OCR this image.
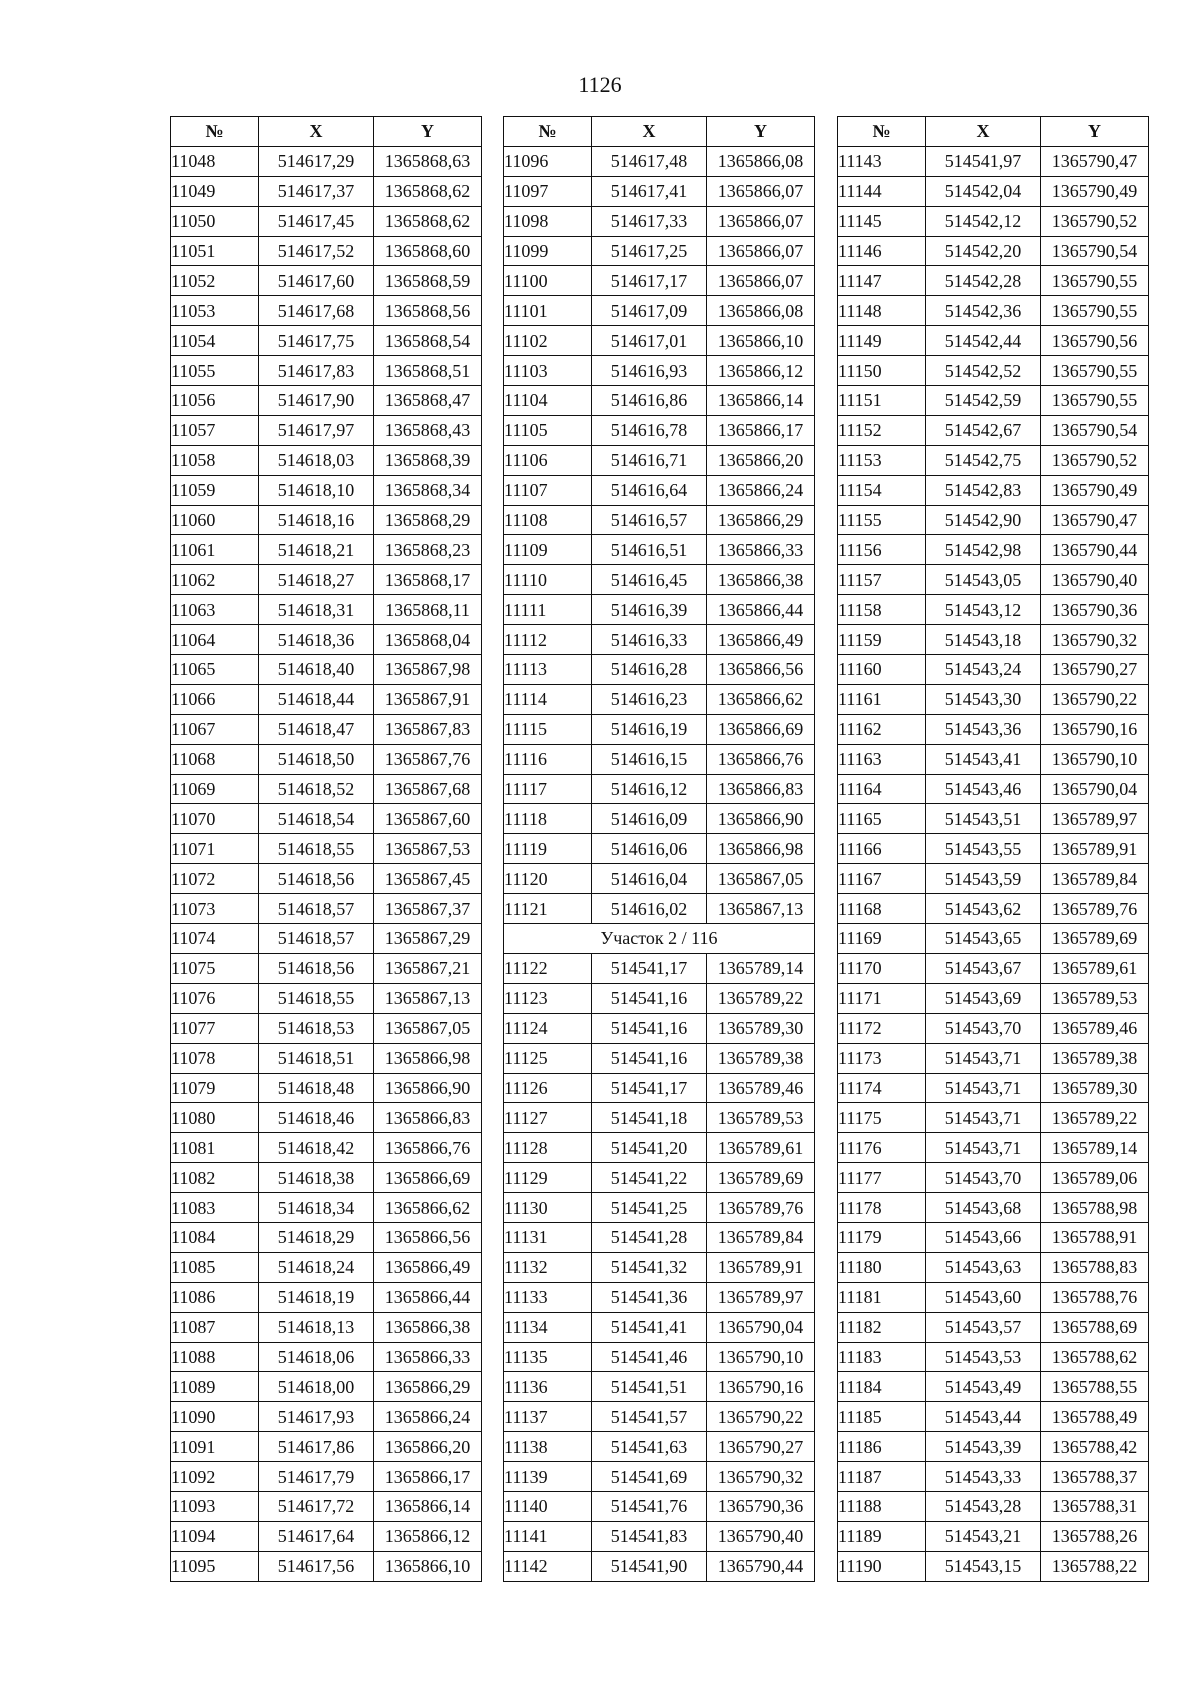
1126
№	X	Y
11048	514617,29	1365868,63
11049	514617,37	1365868,62
11050	514617,45	1365868,62
11051	514617,52	1365868,60
11052	514617,60	1365868,59
11053	514617,68	1365868,56
11054	514617,75	1365868,54
11055	514617,83	1365868,51
11056	514617,90	1365868,47
11057	514617,97	1365868,43
11058	514618,03	1365868,39
11059	514618,10	1365868,34
11060	514618,16	1365868,29
11061	514618,21	1365868,23
11062	514618,27	1365868,17
11063	514618,31	1365868,11
11064	514618,36	1365868,04
11065	514618,40	1365867,98
11066	514618,44	1365867,91
11067	514618,47	1365867,83
11068	514618,50	1365867,76
11069	514618,52	1365867,68
11070	514618,54	1365867,60
11071	514618,55	1365867,53
11072	514618,56	1365867,45
11073	514618,57	1365867,37
11074	514618,57	1365867,29
11075	514618,56	1365867,21
11076	514618,55	1365867,13
11077	514618,53	1365867,05
11078	514618,51	1365866,98
11079	514618,48	1365866,90
11080	514618,46	1365866,83
11081	514618,42	1365866,76
11082	514618,38	1365866,69
11083	514618,34	1365866,62
11084	514618,29	1365866,56
11085	514618,24	1365866,49
11086	514618,19	1365866,44
11087	514618,13	1365866,38
11088	514618,06	1365866,33
11089	514618,00	1365866,29
11090	514617,93	1365866,24
11091	514617,86	1365866,20
11092	514617,79	1365866,17
11093	514617,72	1365866,14
11094	514617,64	1365866,12
11095	514617,56	1365866,10
№	X	Y
11096	514617,48	1365866,08
11097	514617,41	1365866,07
11098	514617,33	1365866,07
11099	514617,25	1365866,07
11100	514617,17	1365866,07
11101	514617,09	1365866,08
11102	514617,01	1365866,10
11103	514616,93	1365866,12
11104	514616,86	1365866,14
11105	514616,78	1365866,17
11106	514616,71	1365866,20
11107	514616,64	1365866,24
11108	514616,57	1365866,29
11109	514616,51	1365866,33
11110	514616,45	1365866,38
11111	514616,39	1365866,44
11112	514616,33	1365866,49
11113	514616,28	1365866,56
11114	514616,23	1365866,62
11115	514616,19	1365866,69
11116	514616,15	1365866,76
11117	514616,12	1365866,83
11118	514616,09	1365866,90
11119	514616,06	1365866,98
11120	514616,04	1365867,05
11121	514616,02	1365867,13
Участок 2 / 116		
11122	514541,17	1365789,14
11123	514541,16	1365789,22
11124	514541,16	1365789,30
11125	514541,16	1365789,38
11126	514541,17	1365789,46
11127	514541,18	1365789,53
11128	514541,20	1365789,61
11129	514541,22	1365789,69
11130	514541,25	1365789,76
11131	514541,28	1365789,84
11132	514541,32	1365789,91
11133	514541,36	1365789,97
11134	514541,41	1365790,04
11135	514541,46	1365790,10
11136	514541,51	1365790,16
11137	514541,57	1365790,22
11138	514541,63	1365790,27
11139	514541,69	1365790,32
11140	514541,76	1365790,36
11141	514541,83	1365790,40
11142	514541,90	1365790,44
№	X	Y
11143	514541,97	1365790,47
11144	514542,04	1365790,49
11145	514542,12	1365790,52
11146	514542,20	1365790,54
11147	514542,28	1365790,55
11148	514542,36	1365790,55
11149	514542,44	1365790,56
11150	514542,52	1365790,55
11151	514542,59	1365790,55
11152	514542,67	1365790,54
11153	514542,75	1365790,52
11154	514542,83	1365790,49
11155	514542,90	1365790,47
11156	514542,98	1365790,44
11157	514543,05	1365790,40
11158	514543,12	1365790,36
11159	514543,18	1365790,32
11160	514543,24	1365790,27
11161	514543,30	1365790,22
11162	514543,36	1365790,16
11163	514543,41	1365790,10
11164	514543,46	1365790,04
11165	514543,51	1365789,97
11166	514543,55	1365789,91
11167	514543,59	1365789,84
11168	514543,62	1365789,76
11169	514543,65	1365789,69
11170	514543,67	1365789,61
11171	514543,69	1365789,53
11172	514543,70	1365789,46
11173	514543,71	1365789,38
11174	514543,71	1365789,30
11175	514543,71	1365789,22
11176	514543,71	1365789,14
11177	514543,70	1365789,06
11178	514543,68	1365788,98
11179	514543,66	1365788,91
11180	514543,63	1365788,83
11181	514543,60	1365788,76
11182	514543,57	1365788,69
11183	514543,53	1365788,62
11184	514543,49	1365788,55
11185	514543,44	1365788,49
11186	514543,39	1365788,42
11187	514543,33	1365788,37
11188	514543,28	1365788,31
11189	514543,21	1365788,26
11190	514543,15	1365788,22
